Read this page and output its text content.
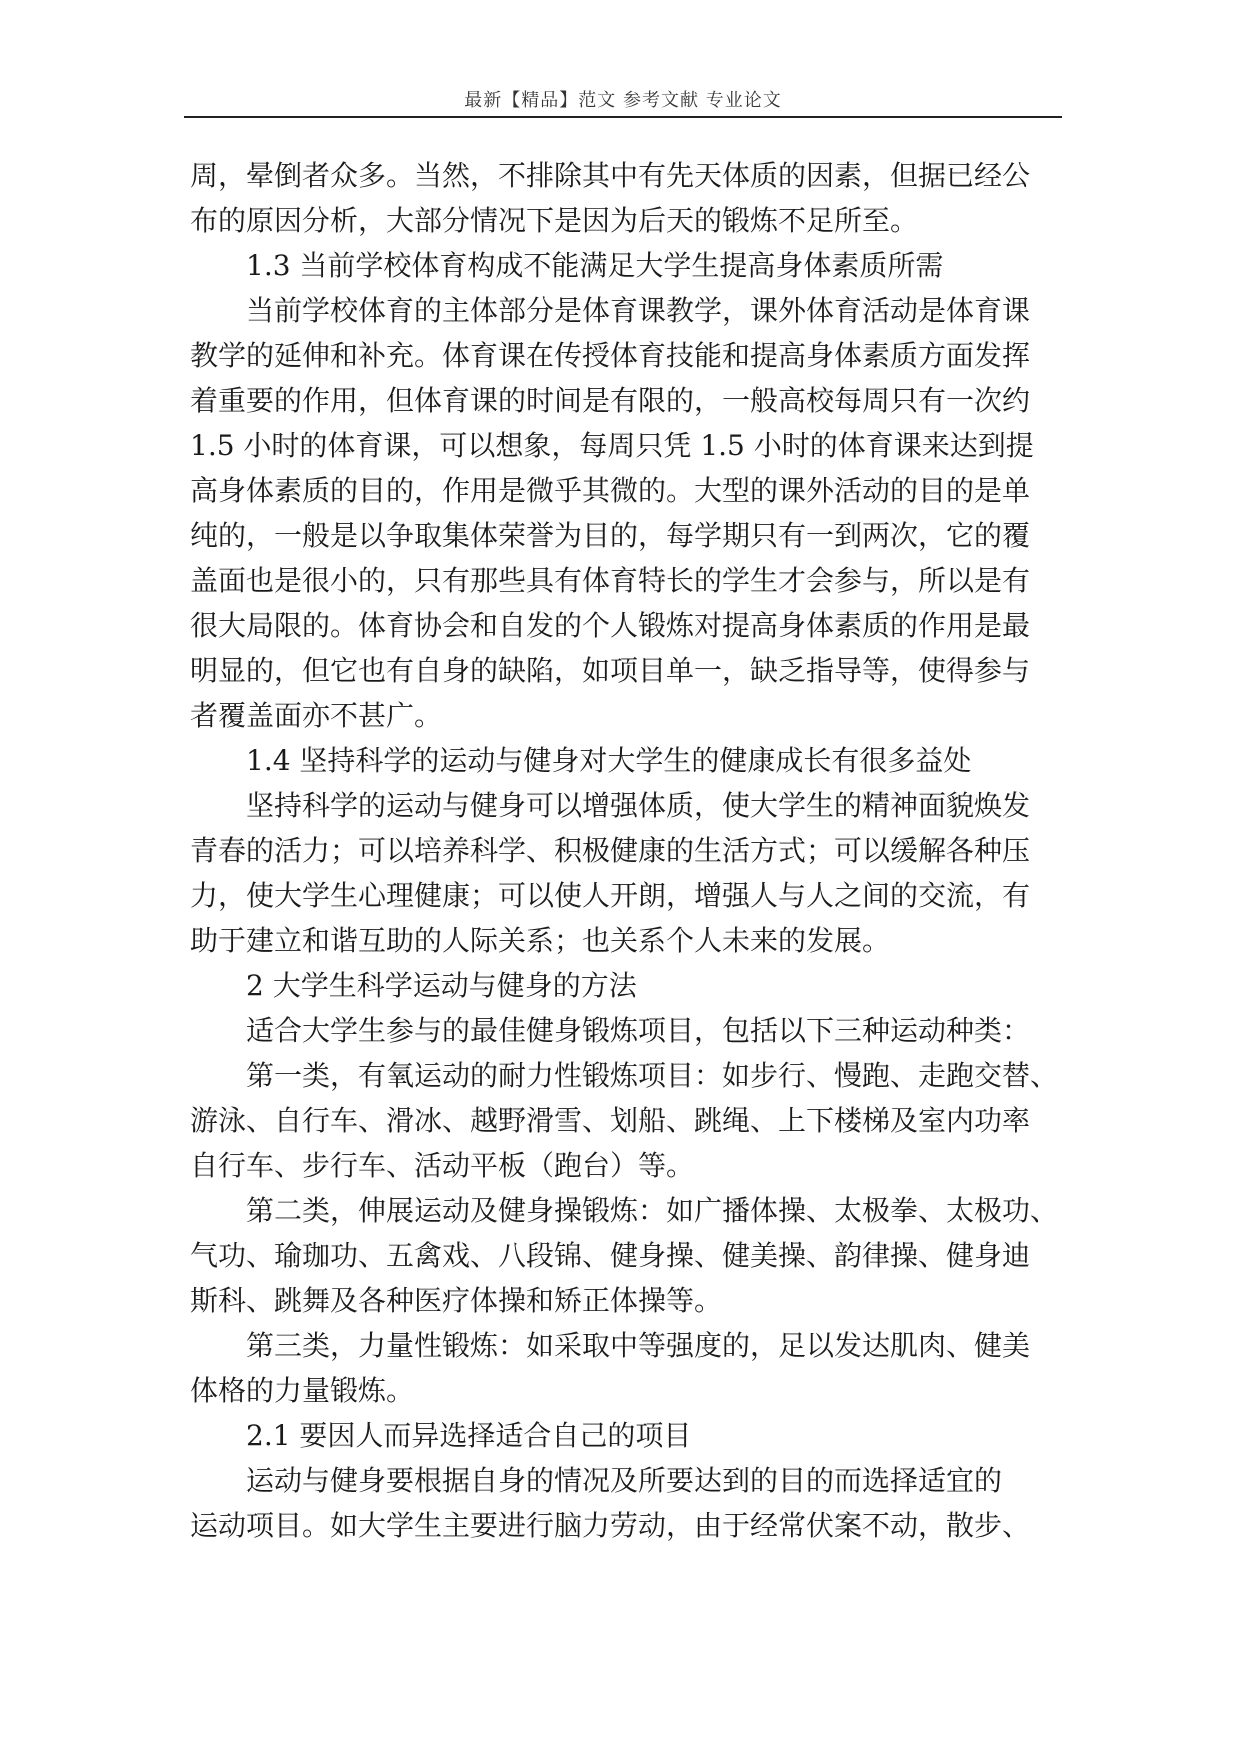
最新【精品】范文 参考文献 专业论文
周，晕倒者众多。当然，不排除其中有先天体质的因素，但据已经公
布的原因分析，大部分情况下是因为后天的锻炼不足所至。
1.3 当前学校体育构成不能满足大学生提高身体素质所需
当前学校体育的主体部分是体育课教学，课外体育活动是体育课
教学的延伸和补充。体育课在传授体育技能和提高身体素质方面发挥
着重要的作用，但体育课的时间是有限的，一般高校每周只有一次约
1.5 小时的体育课，可以想象，每周只凭 1.5 小时的体育课来达到提
高身体素质的目的，作用是微乎其微的。大型的课外活动的目的是单
纯的，一般是以争取集体荣誉为目的，每学期只有一到两次，它的覆
盖面也是很小的，只有那些具有体育特长的学生才会参与，所以是有
很大局限的。体育协会和自发的个人锻炼对提高身体素质的作用是最
明显的，但它也有自身的缺陷，如项目单一，缺乏指导等，使得参与
者覆盖面亦不甚广。
1.4 坚持科学的运动与健身对大学生的健康成长有很多益处
坚持科学的运动与健身可以增强体质，使大学生的精神面貌焕发
青春的活力；可以培养科学、积极健康的生活方式；可以缓解各种压
力，使大学生心理健康；可以使人开朗，增强人与人之间的交流，有
助于建立和谐互助的人际关系；也关系个人未来的发展。
2 大学生科学运动与健身的方法
适合大学生参与的最佳健身锻炼项目，包括以下三种运动种类：
第一类，有氧运动的耐力性锻炼项目：如步行、慢跑、走跑交替、
游泳、自行车、滑冰、越野滑雪、划船、跳绳、上下楼梯及室内功率
自行车、步行车、活动平板（跑台）等。
第二类，伸展运动及健身操锻炼：如广播体操、太极拳、太极功、
气功、瑜珈功、五禽戏、八段锦、健身操、健美操、韵律操、健身迪
斯科、跳舞及各种医疗体操和矫正体操等。
第三类，力量性锻炼：如采取中等强度的，足以发达肌肉、健美
体格的力量锻炼。
2.1 要因人而异选择适合自己的项目
运动与健身要根据自身的情况及所要达到的目的而选择适宜的
运动项目。如大学生主要进行脑力劳动，由于经常伏案不动，散步、
